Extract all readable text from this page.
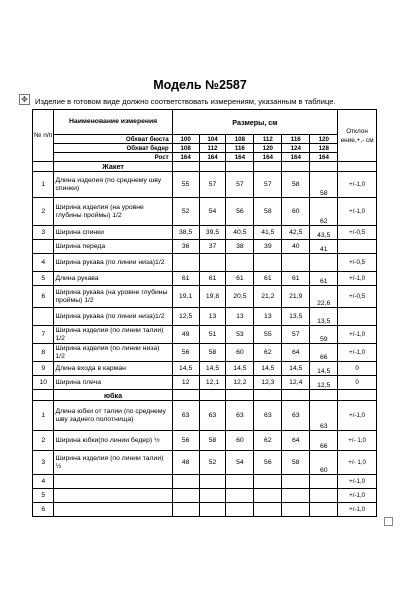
Модель №2587
✥ Изделие в готовом виде должно соответствовать измерениям, указанным в таблице.
№ п/п	Наименование измерения	Размеры, см						Отклон ение,+,- см
	Обхват бюста	100	104	108	112	116	120	
	Обхват бедер	108	112	116	120	124	128	
	Рост	164	164	164	164	164	164	
	Жакет							
1	Длина изделия (по среднему шву спинки)	55	57	57	57	58	58	+/-1,0
2	Ширина изделия (на уровне глубины проймы) 1/2	52	54	56	58	60	62	+/-1,0
3	Ширина спинки	38,5	39,5	40,5	41,5	42,5	43,5	+/-0,5
	Ширина переда	36	37	38	39	40	41	
4	Ширина рукава (по линии низа)1/2							+/-0,5
5	Длина рукава	61	61	61	61	61	61	+/-1,0
6	Ширина рукава (на уровне глубины проймы) 1/2	19,1	19,8	20,5	21,2	21,9	22,6	+/-0,5
	Ширина рукава (по линии низа)1/2	12,5	13	13	13	13,5	13,5	
7	Ширина изделия (по линии талии) 1/2	49	51	53	55	57	59	+/-1,0
8	Ширина изделия (по линии низа) 1/2	56	58	60	62	64	66	+/-1,0
9	Длина входа в карман	14,5	14,5	14,5	14,5	14,5	14,5	0
10	Ширина плеча	12	12,1	12,2	12,3	12,4	12,5	0
	юбка							
1	Длина юбки от талии (по среднему шву заднего полотнища)	63	63	63	63	63	63	+/-1,0
2	Ширина юбки(по линии бедер) ½	56	58	60	62	64	66	+/- 1,0
3	Ширина изделия (по линии талии) ½	48	52	54	56	58	60	+/- 1,0
4								+/-1,0
5								+/-1,0
6								+/-1,0
